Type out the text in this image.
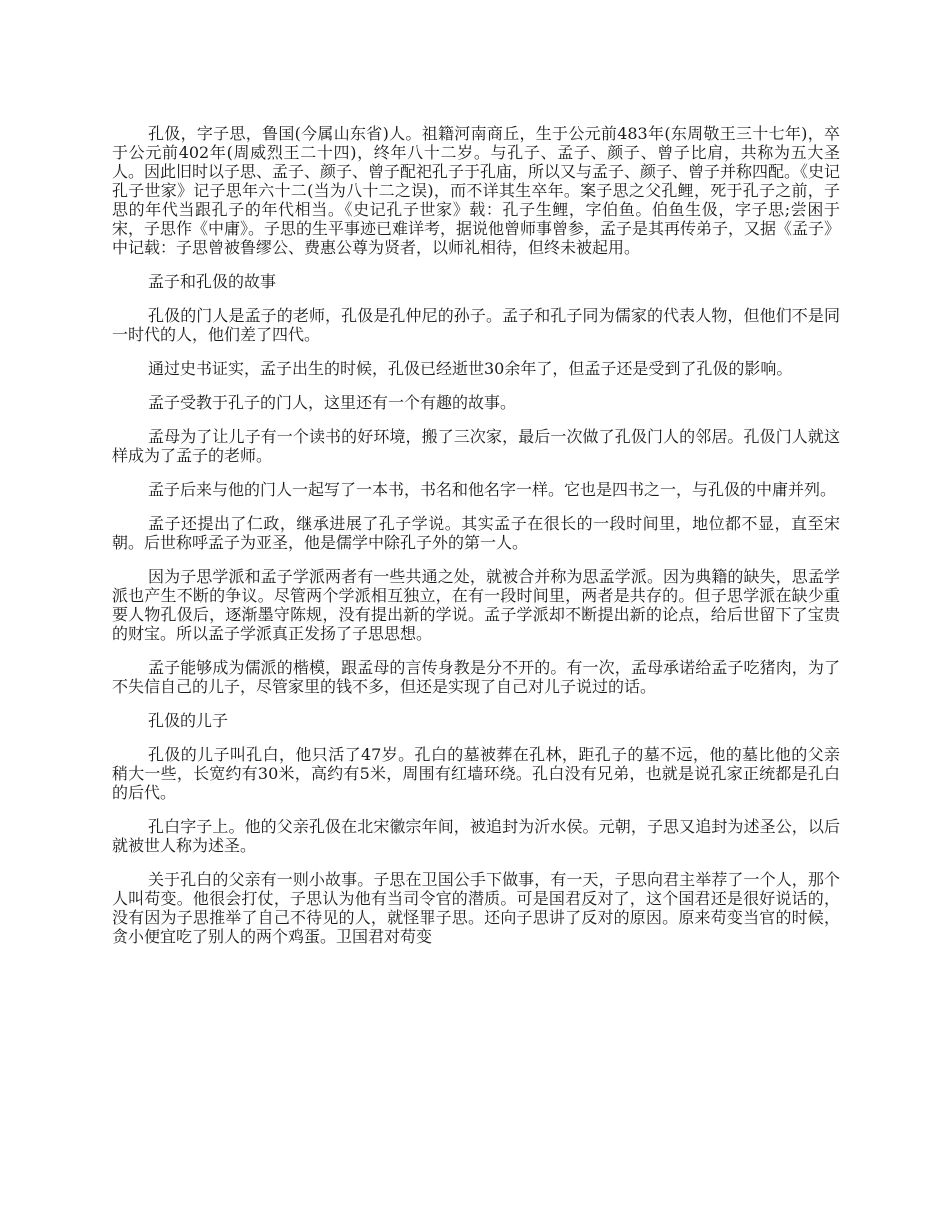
孔伋，字子思，鲁国(今属山东省)人。祖籍河南商丘，生于公元前483年(东周敬王三十七年)，卒于公元前402年(周威烈王二十四)，终年八十二岁。与孔子、孟子、颜子、曾子比肩，共称为五大圣人。因此旧时以子思、孟子、颜子、曾子配祀孔子于孔庙，所以又与孟子、颜子、曾子并称四配。《史记孔子世家》记子思年六十二(当为八十二之误)，而不详其生卒年。案子思之父孔鲤，死于孔子之前，子思的年代当跟孔子的年代相当。《史记孔子世家》载：孔子生鲤，字伯鱼。伯鱼生伋，字子思;尝困于宋，子思作《中庸》。子思的生平事迹已难详考，据说他曾师事曾参，孟子是其再传弟子，又据《孟子》中记载：子思曾被鲁缪公、费惠公尊为贤者，以师礼相待，但终未被起用。

孟子和孔伋的故事

孔伋的门人是孟子的老师，孔伋是孔仲尼的孙子。孟子和孔子同为儒家的代表人物，但他们不是同一时代的人，他们差了四代。

通过史书证实，孟子出生的时候，孔伋已经逝世30余年了，但孟子还是受到了孔伋的影响。

孟子受教于孔子的门人，这里还有一个有趣的故事。

孟母为了让儿子有一个读书的好环境，搬了三次家，最后一次做了孔伋门人的邻居。孔伋门人就这样成为了孟子的老师。

孟子后来与他的门人一起写了一本书，书名和他名字一样。它也是四书之一，与孔伋的中庸并列。

孟子还提出了仁政，继承进展了孔子学说。其实孟子在很长的一段时间里，地位都不显，直至宋朝。后世称呼孟子为亚圣，他是儒学中除孔子外的第一人。

因为子思学派和孟子学派两者有一些共通之处，就被合并称为思孟学派。因为典籍的缺失，思孟学派也产生不断的争议。尽管两个学派相互独立，在有一段时间里，两者是共存的。但子思学派在缺少重要人物孔伋后，逐渐墨守陈规，没有提出新的学说。孟子学派却不断提出新的论点，给后世留下了宝贵的财宝。所以孟子学派真正发扬了子思思想。

孟子能够成为儒派的楷模，跟孟母的言传身教是分不开的。有一次，孟母承诺给孟子吃猪肉，为了不失信自己的儿子，尽管家里的钱不多，但还是实现了自己对儿子说过的话。

孔伋的儿子

孔伋的儿子叫孔白，他只活了47岁。孔白的墓被葬在孔林，距孔子的墓不远，他的墓比他的父亲稍大一些，长宽约有30米，高约有5米，周围有红墙环绕。孔白没有兄弟，也就是说孔家正统都是孔白的后代。

孔白字子上。他的父亲孔伋在北宋徽宗年间，被追封为沂水侯。元朝，子思又追封为述圣公，以后就被世人称为述圣。

关于孔白的父亲有一则小故事。子思在卫国公手下做事，有一天，子思向君主举荐了一个人，那个人叫苟变。他很会打仗，子思认为他有当司令官的潜质。可是国君反对了，这个国君还是很好说话的，没有因为子思推举了自己不待见的人，就怪罪子思。还向子思讲了反对的原因。原来苟变当官的时候，贪小便宜吃了别人的两个鸡蛋。卫国君对苟变
